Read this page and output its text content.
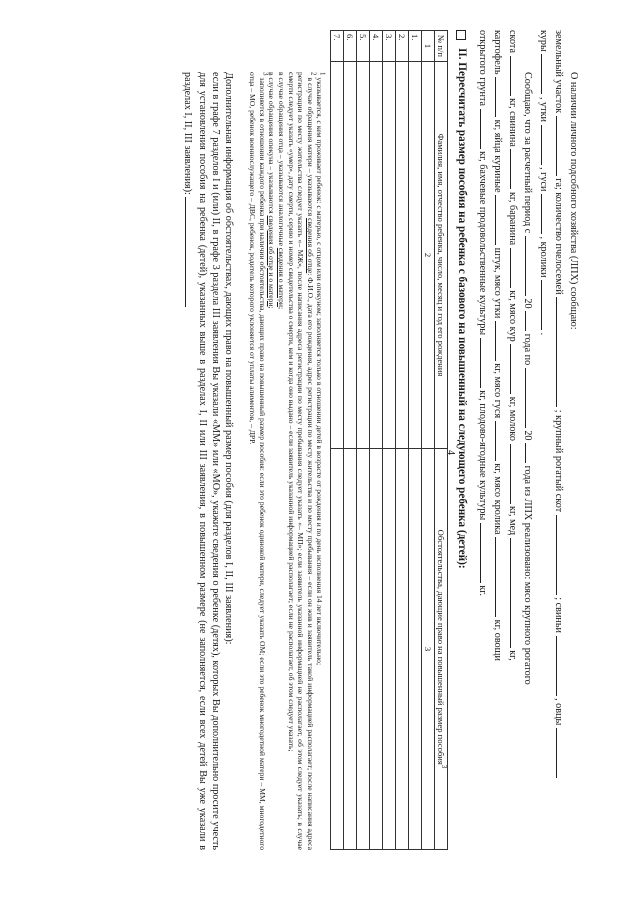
4

О наличии личного подсобного хозяйства (ЛПХ) сообщаю:

земельный участок  га; количество пчелосемей  ; крупный рогатый скот  ; свиньи  , овцы

куры  , утки  , гуси  , кролики  .

Сообщаю, что за расчетный период с  20  года по  20  года из ЛПХ реализовано: мясо крупного рогатого

скота  кг, свинина  кг, баранина  кг, мясо кур  кг, молоко  кг, мед  кг,

картофель  кг, яйца куриные  штук, мясо утки  кг, мясо гуся  кг, мясо кролика  кг, овощи

открытого грунта  кг, бахчевые продовольственные культуры  кг, плодово-ягодные культуры  кг.

II. Пересчитать размер пособия на ребенка с базового на повышенный на следующего ребенка (детей):
№ п/п	Фамилия, имя, отчество ребенка, число, месяц и год его рождения	Обстоятельства, дающие право на повышенный размер пособия$^3$
1	2	3
1.		
2.		
3.		
4.		
5.		
6.		
7.		

$^1$ указывается, с кем проживает ребенок: с матерью, с отцом или опекуном; заполняется только в отношении детей в возрасте от рождения и по день исполнения 14 лет включительно;

$^2$ в случае обращения матери – указываются сведения об отце: Ф.И.О., дата его рождения, адрес регистрации по месту жительства и по месту пребывания – если он жив и заявитель такой информацией располагает; после написания адреса регистрации по месту жительства следует указать «– МЖ», после написания адреса регистрации по месту пребывания следует указать «– МП»; если заявитель указанной информацией не располагает, об этом следует указать; в случае смерти следует указать «умер», дату смерти, серию и номер свидетельства о смерти, кем и когда оно выдано – если заявитель указанной информацией располагает; если не располагает, об этом следует указать;

в случае обращения отца – указываются аналогичные сведения о матери;

в случае обращения опекуна – указываются сведения об отце и о матери;

$^3$ заполняется в отношении каждого ребенка при наличии обстоятельства, дающих право на повышенный размер пособия: если это ребенок одинокой матери, следует указать ОМ; если это ребенок многодетной матери – ММ, многодетного отца – МО, ребенок военнослужащего – ДВС, ребенок, родитель которого уклоняется от уплаты алиментов, – ДРР.

Дополнительная информация об обстоятельствах, дающих право на повышенный размер пособия (для разделов I, II, III заявления):

если в графе 7 разделов I и (или) II, в графе 3 раздела III заявления Вы указали «ММ» или «МО», укажите сведения о ребенке (детях), которых Вы дополнительно просите учесть для установления пособия на ребенка (детей), указанных выше в разделах I, II или III заявления, в повышенном размере (не заполняется, если всех детей Вы уже указали в разделах I, II, III заявления):
